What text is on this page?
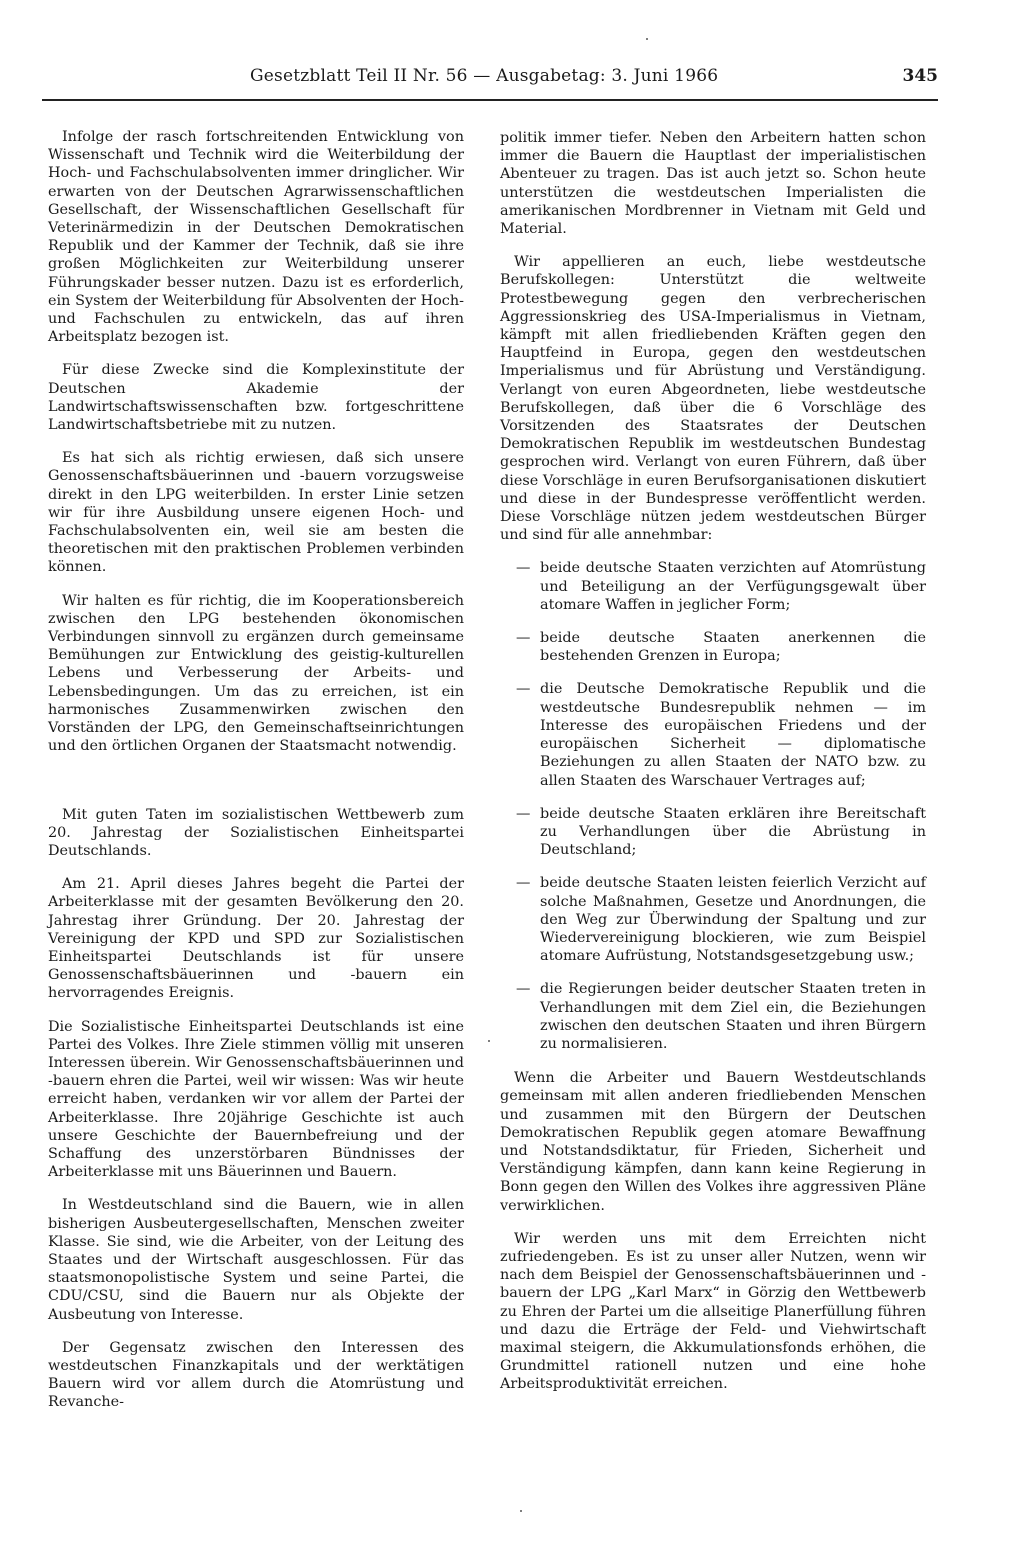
Gesetzblatt Teil II Nr. 56 — Ausgabetag: 3. Juni 1966	345

Infolge der rasch fortschreitenden Entwicklung von Wissenschaft und Technik wird die Weiterbildung der Hoch- und Fachschulabsolventen immer dringlicher. Wir erwarten von der Deutschen Agrarwissenschaftlichen Gesellschaft, der Wissenschaftlichen Gesellschaft für Veterinärmedizin in der Deutschen Demokratischen Republik und der Kammer der Technik, daß sie ihre großen Möglichkeiten zur Weiterbildung unserer Führungskader besser nutzen. Dazu ist es erforderlich, ein System der Weiterbildung für Absolventen der Hoch- und Fachschulen zu entwickeln, das auf ihren Arbeitsplatz bezogen ist.

Für diese Zwecke sind die Komplexinstitute der Deutschen Akademie der Landwirtschaftswissenschaften bzw. fortgeschrittene Landwirtschaftsbetriebe mit zu nutzen.

Es hat sich als richtig erwiesen, daß sich unsere Genossenschaftsbäuerinnen und -bauern vorzugsweise direkt in den LPG weiterbilden. In erster Linie setzen wir für ihre Ausbildung unsere eigenen Hoch- und Fachschulabsolventen ein, weil sie am besten die theoretischen mit den praktischen Problemen verbinden können.

Wir halten es für richtig, die im Kooperationsbereich zwischen den LPG bestehenden ökonomischen Verbindungen sinnvoll zu ergänzen durch gemeinsame Bemühungen zur Entwicklung des geistig-kulturellen Lebens und Verbesserung der Arbeits- und Lebensbedingungen. Um das zu erreichen, ist ein harmonisches Zusammenwirken zwischen den Vorständen der LPG, den Gemeinschaftseinrichtungen und den örtlichen Organen der Staatsmacht notwendig.

Mit guten Taten im sozialistischen Wettbewerb zum 20. Jahrestag der Sozialistischen Einheitspartei Deutschlands.

Am 21. April dieses Jahres begeht die Partei der Arbeiterklasse mit der gesamten Bevölkerung den 20. Jahrestag ihrer Gründung. Der 20. Jahrestag der Vereinigung der KPD und SPD zur Sozialistischen Einheitspartei Deutschlands ist für unsere Genossenschaftsbäuerinnen und -bauern ein hervorragendes Ereignis.

Die Sozialistische Einheitspartei Deutschlands ist eine Partei des Volkes. Ihre Ziele stimmen völlig mit unseren Interessen überein. Wir Genossenschaftsbäuerinnen und -bauern ehren die Partei, weil wir wissen: Was wir heute erreicht haben, verdanken wir vor allem der Partei der Arbeiterklasse. Ihre 20jährige Geschichte ist auch unsere Geschichte der Bauernbefreiung und der Schaffung des unzerstörbaren Bündnisses der Arbeiterklasse mit uns Bäuerinnen und Bauern.

In Westdeutschland sind die Bauern, wie in allen bisherigen Ausbeutergesellschaften, Menschen zweiter Klasse. Sie sind, wie die Arbeiter, von der Leitung des Staates und der Wirtschaft ausgeschlossen. Für das staatsmonopolistische System und seine Partei, die CDU/CSU, sind die Bauern nur als Objekte der Ausbeutung von Interesse.

Der Gegensatz zwischen den Interessen des westdeutschen Finanzkapitals und der werktätigen Bauern wird vor allem durch die Atomrüstung und Revanche-

politik immer tiefer. Neben den Arbeitern hatten schon immer die Bauern die Hauptlast der imperialistischen Abenteuer zu tragen. Das ist auch jetzt so. Schon heute unterstützen die westdeutschen Imperialisten die amerikanischen Mordbrenner in Vietnam mit Geld und Material.

Wir appellieren an euch, liebe westdeutsche Berufskollegen: Unterstützt die weltweite Protestbewegung gegen den verbrecherischen Aggressionskrieg des USA-Imperialismus in Vietnam, kämpft mit allen friedliebenden Kräften gegen den Hauptfeind in Europa, gegen den westdeutschen Imperialismus und für Abrüstung und Verständigung. Verlangt von euren Abgeordneten, liebe westdeutsche Berufskollegen, daß über die 6 Vorschläge des Vorsitzenden des Staatsrates der Deutschen Demokratischen Republik im westdeutschen Bundestag gesprochen wird. Verlangt von euren Führern, daß über diese Vorschläge in euren Berufsorganisationen diskutiert und diese in der Bundespresse veröffentlicht werden. Diese Vorschläge nützen jedem westdeutschen Bürger und sind für alle annehmbar:

— beide deutsche Staaten verzichten auf Atomrüstung und Beteiligung an der Verfügungsgewalt über atomare Waffen in jeglicher Form;
— beide deutsche Staaten anerkennen die bestehenden Grenzen in Europa;
— die Deutsche Demokratische Republik und die westdeutsche Bundesrepublik nehmen — im Interesse des europäischen Friedens und der europäischen Sicherheit — diplomatische Beziehungen zu allen Staaten der NATO bzw. zu allen Staaten des Warschauer Vertrages auf;
— beide deutsche Staaten erklären ihre Bereitschaft zu Verhandlungen über die Abrüstung in Deutschland;
— beide deutsche Staaten leisten feierlich Verzicht auf solche Maßnahmen, Gesetze und Anordnungen, die den Weg zur Überwindung der Spaltung und zur Wiedervereinigung blockieren, wie zum Beispiel atomare Aufrüstung, Notstandsgesetzgebung usw.;
— die Regierungen beider deutscher Staaten treten in Verhandlungen mit dem Ziel ein, die Beziehungen zwischen den deutschen Staaten und ihren Bürgern zu normalisieren.

Wenn die Arbeiter und Bauern Westdeutschlands gemeinsam mit allen anderen friedliebenden Menschen und zusammen mit den Bürgern der Deutschen Demokratischen Republik gegen atomare Bewaffnung und Notstandsdiktatur, für Frieden, Sicherheit und Verständigung kämpfen, dann kann keine Regierung in Bonn gegen den Willen des Volkes ihre aggressiven Pläne verwirklichen.

Wir werden uns mit dem Erreichten nicht zufriedengeben. Es ist zu unser aller Nutzen, wenn wir nach dem Beispiel der Genossenschaftsbäuerinnen und -bauern der LPG „Karl Marx“ in Görzig den Wettbewerb zu Ehren der Partei um die allseitige Planerfüllung führen und dazu die Erträge der Feld- und Viehwirtschaft maximal steigern, die Akkumulationsfonds erhöhen, die Grundmittel rationell nutzen und eine hohe Arbeitsproduktivität erreichen.
